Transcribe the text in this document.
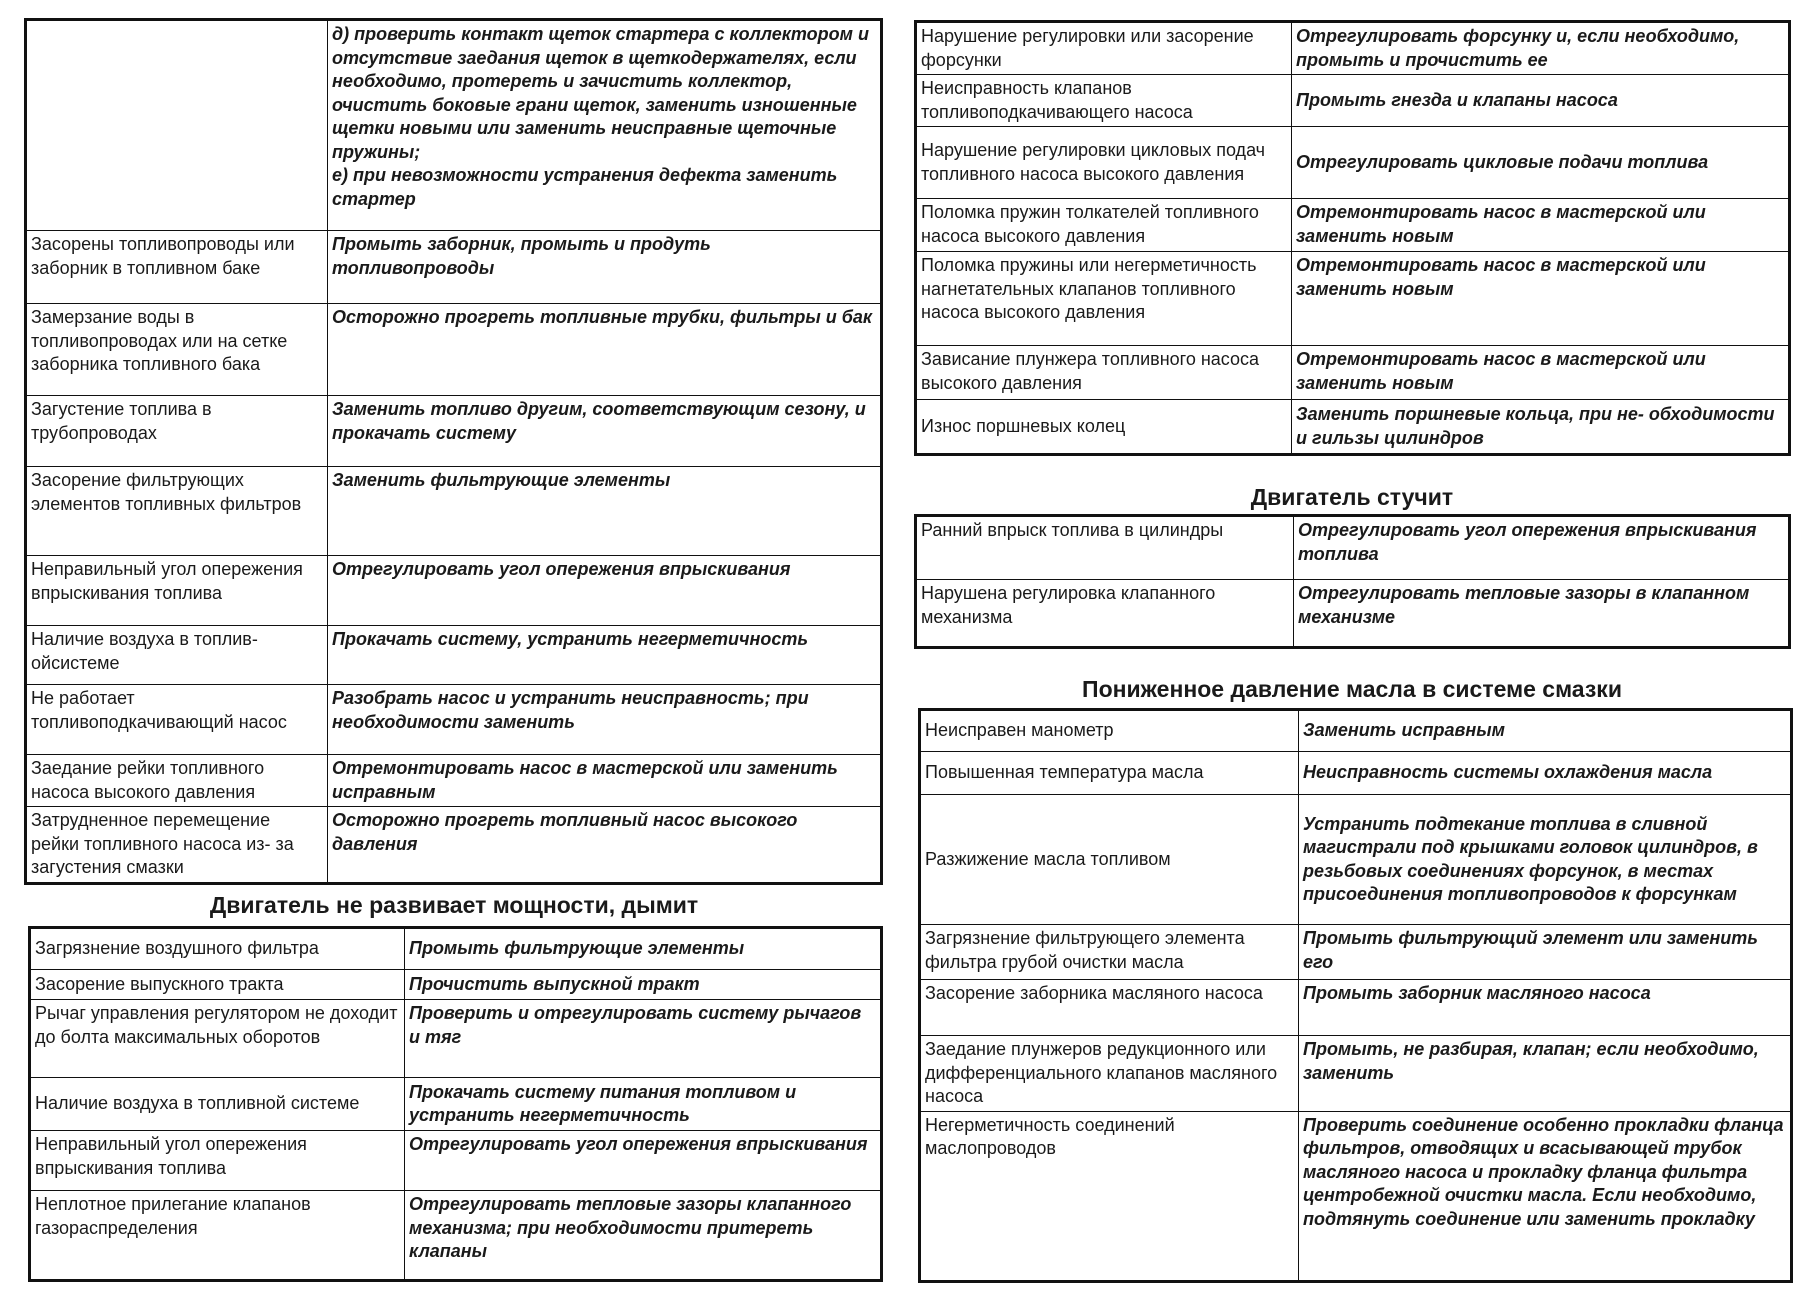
	д) проверить контакт щеток стартера с коллектором и отсутствие заедания щеток в щеткодержателях, если необходимо, протереть и зачистить коллектор, очистить боковые грани щеток, заменить изношенные щетки новыми или заменить неисправные щеточные пружины;
е) при невозможности устранения дефекта заменить стартер
Засорены топливопроводы или заборник в топливном баке	Промыть заборник, промыть и продуть топливопроводы
Замерзание воды в топливопроводах или на сетке заборника топливного бака	Осторожно прогреть топливные трубки, фильтры и бак
Загустение топлива в трубопроводах	Заменить топливо другим, соответствующим сезону, и прокачать систему
Засорение фильтрующих элементов топливных фильтров	Заменить фильтрующие элементы
Неправильный угол опережения впрыскивания топлива	Отрегулировать угол опережения впрыскивания
Наличие воздуха в топлив- ойсистеме	Прокачать систему, устранить негерметичность
Не работает топливоподкачивающий насос	Разобрать насос и устранить неисправность; при необходимости заменить
Заедание рейки топливного насоса высокого давления	Отремонтировать насос в мастерской или заменить исправным
Затрудненное перемещение рейки топливного насоса из- за загустения смазки	Осторожно прогреть топливный насос высокого давления
Двигатель не развивает мощности, дымит
Загрязнение воздушного фильтра	Промыть фильтрующие элементы
Засорение выпускного тракта	Прочистить выпускной тракт
Рычаг управления регулятором не доходит до болта максимальных оборотов	Проверить и отрегулировать систему рычагов и тяг
Наличие воздуха в топливной системе	Прокачать систему питания топливом и устранить негерметичность
Неправильный угол опережения впрыскивания топлива	Отрегулировать угол опережения впрыскивания
Неплотное прилегание клапанов газораспределения	Отрегулировать тепловые зазоры клапанного механизма; при необходимости притереть клапаны
Нарушение регулировки или засорение форсунки	Отрегулировать форсунку и, если необходимо, промыть и прочистить ее
Неисправность клапанов топливоподкачивающего насоса	Промыть гнезда и клапаны насоса
Нарушение регулировки цикловых подач топливного насоса высокого давления	Отрегулировать цикловые подачи топлива
Поломка пружин толкателей топливного насоса высокого давления	Отремонтировать насос в мастерской или заменить новым
Поломка пружины или негерметичность нагнетательных клапанов топливного насоса высокого давления	Отремонтировать насос в мастерской или заменить новым
Зависание плунжера топливного насоса высокого давления	Отремонтировать насос в мастерской или заменить новым
Износ поршневых колец	Заменить поршневые кольца, при не- обходимости и гильзы цилиндров
Двигатель стучит
Ранний впрыск топлива в цилиндры	Отрегулировать угол опережения впрыскивания топлива
Нарушена регулировка клапанного механизма	Отрегулировать тепловые зазоры в клапанном механизме
Пониженное давление масла в системе смазки
Неисправен манометр	Заменить исправным
Повышенная температура масла	Неисправность системы охлаждения масла
Разжижение масла топливом	Устранить подтекание топлива в сливной магистрали под крышками головок цилиндров, в резьбовых соединениях форсунок, в местах присоединения топливопроводов к форсункам
Загрязнение фильтрующего элемента фильтра грубой очистки масла	Промыть фильтрующий элемент или заменить его
Засорение заборника масляного насоса	Промыть заборник масляного насоса
Заедание плунжеров редукционного или дифференциального клапанов масляного насоса	Промыть, не разбирая, клапан; если необходимо, заменить
Негерметичность соединений маслопроводов	Проверить соединение особенно прокладки фланца фильтров, отводящих и всасывающей трубок масляного насоса и прокладку фланца фильтра центробежной очистки масла. Если необходимо, подтянуть соединение или заменить прокладку
